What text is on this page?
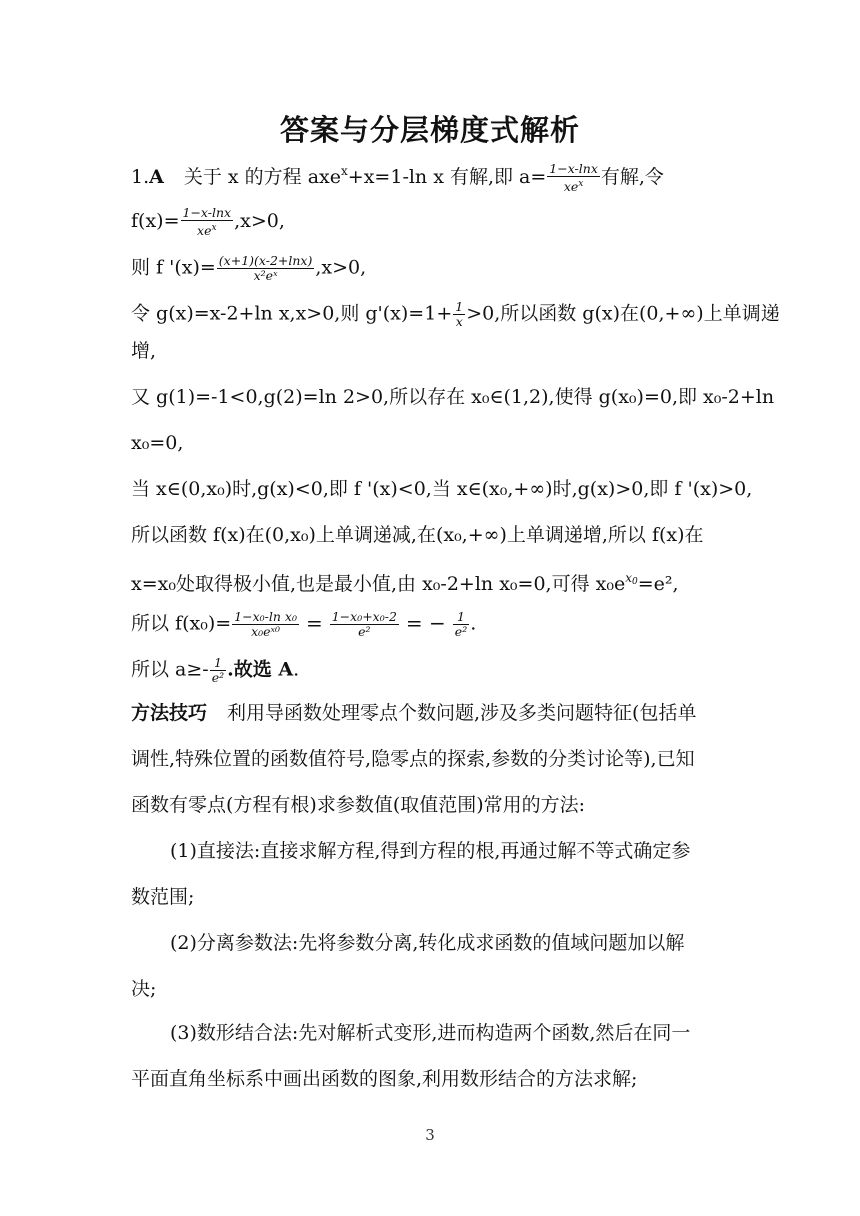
答案与分层梯度式解析
1.A 关于 x 的方程 axe$^x$+x=1-ln x 有解,即 $a= \frac{1-x-\ln x}{xe^x}$ 有解,令
$f(x)= \frac{1-x-\ln x}{xe^x} ,x>0$,
则 f '$(x)= \frac{(x+1)(x-2+\ln x)}{\text{x²eˣ}} ,x>0$,
令 g(x)=x-2+ln x,x>0,则 $g'(x)=1+ \frac{1}{x} >0$,所以函数 g(x)在(0,+∞)上单调递
增,
又 g(1)=-1<0,g(2)=ln 2>0,所以存在 x₀∈(1,2),使得 g(x₀)=0,即 x₀-2+ln
x₀=0,
当 x∈(0,x₀)时,g(x)<0,即 f '(x)<0,当 x∈(x₀,+∞)时,g(x)>0,即 f '(x)>0,
所以函数 f(x)在(0,x₀)上单调递减,在(x₀,+∞)上单调递增,所以 f(x)在
x=x₀处取得极小值,也是最小值,由 x₀-2+ln x₀=0,可得 $x_0e^{x_0}=e^2$,
所以 $f(x_0)= \frac{\text{1−x₀-ln x₀}}{\text{x₀eˣ⁰}} = \frac{\text{1−x₀+x₀-2}}{\text{e²}}$ = − $\frac{1}{\text{e²}}$ .
所以 $a\ge- \frac{1}{\text{e²}}$ .故选 A.
方法技巧 利用导函数处理零点个数问题,涉及多类问题特征(包括单
调性,特殊位置的函数值符号,隐零点的探索,参数的分类讨论等),已知
函数有零点(方程有根)求参数值(取值范围)常用的方法:
(1)直接法:直接求解方程,得到方程的根,再通过解不等式确定参
数范围;
(2)分离参数法:先将参数分离,转化成求函数的值域问题加以解
决;
(3)数形结合法:先对解析式变形,进而构造两个函数,然后在同一
平面直角坐标系中画出函数的图象,利用数形结合的方法求解;
3
